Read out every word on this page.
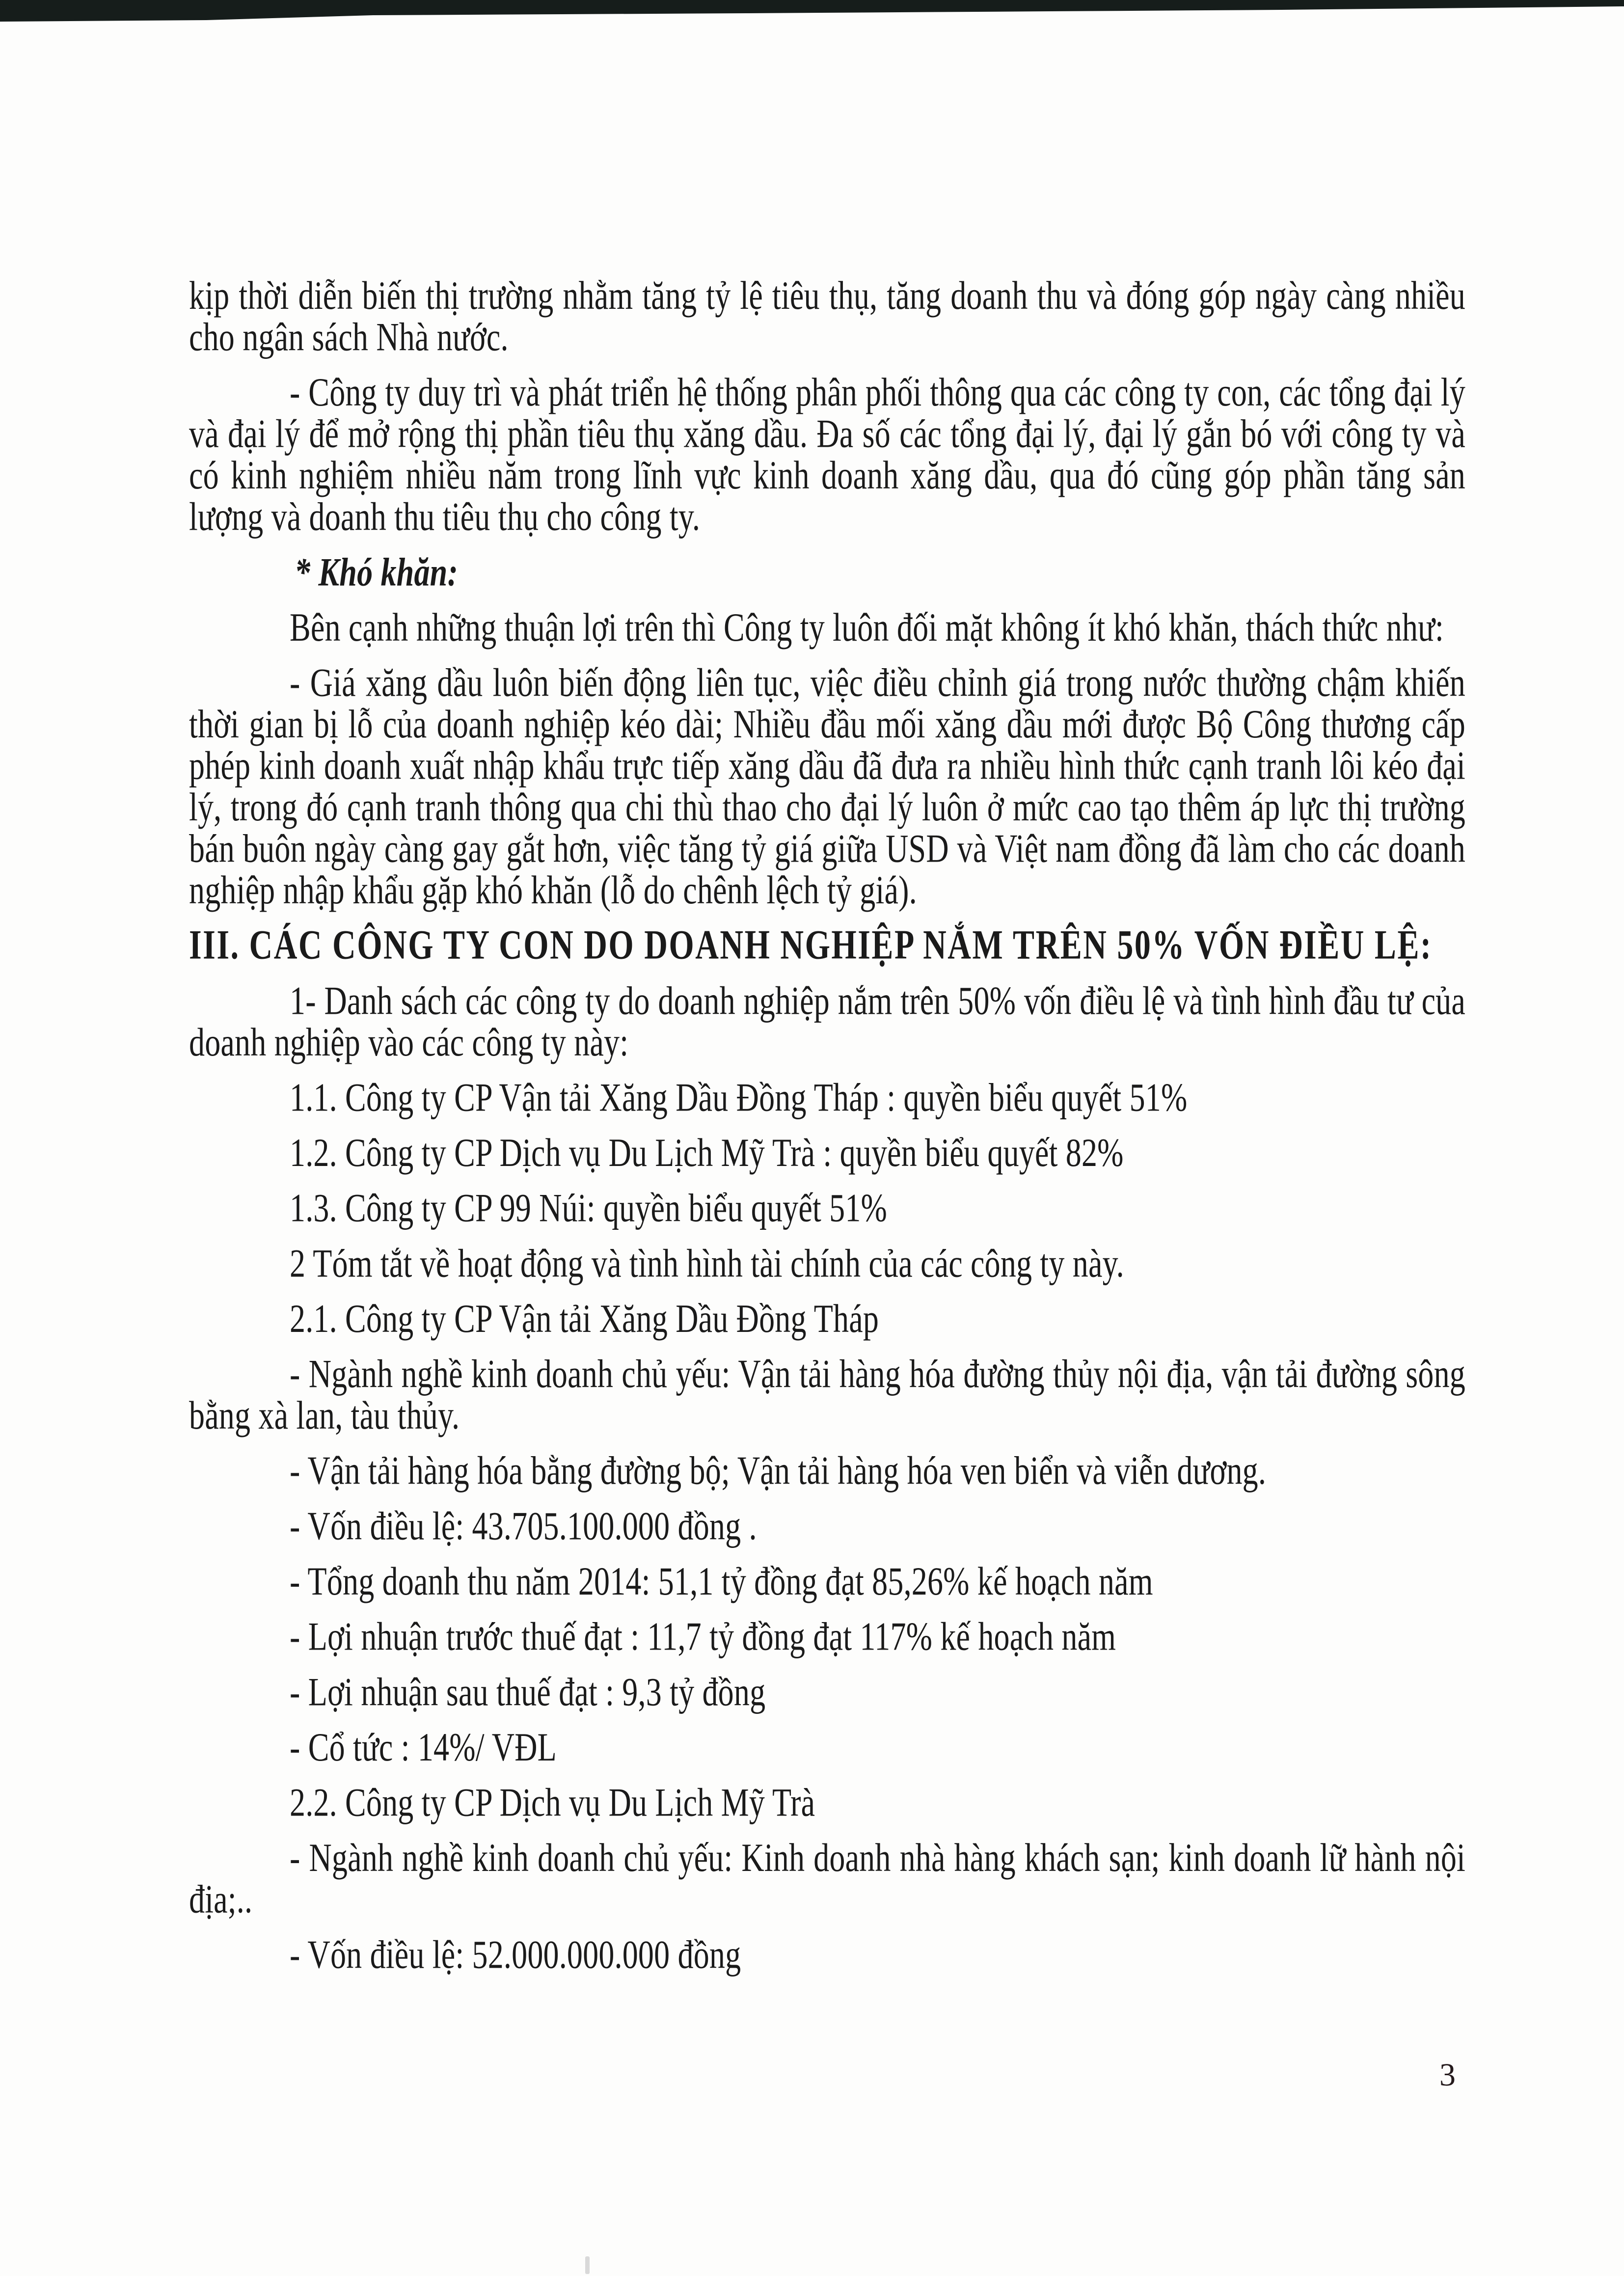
kịp thời diễn biến thị trường nhằm tăng tỷ lệ tiêu thụ, tăng doanh thu và đóng góp ngày càng nhiều cho ngân sách Nhà nước.

- Công ty duy trì và phát triển hệ thống phân phối thông qua các công ty con, các tổng đại lý và đại lý để mở rộng thị phần tiêu thụ xăng dầu. Đa số các tổng đại lý, đại lý gắn bó với công ty và có kinh nghiệm nhiều năm trong lĩnh vực kinh doanh xăng dầu, qua đó cũng góp phần tăng sản lượng và doanh thu tiêu thụ cho công ty.

* Khó khăn:

Bên cạnh những thuận lợi trên thì Công ty luôn đối mặt không ít khó khăn, thách thức như:

- Giá xăng dầu luôn biến động liên tục, việc điều chỉnh giá trong nước thường chậm khiến thời gian bị lỗ của doanh nghiệp kéo dài; Nhiều đầu mối xăng dầu mới được Bộ Công thương cấp phép kinh doanh xuất nhập khẩu trực tiếp xăng dầu đã đưa ra nhiều hình thức cạnh tranh lôi kéo đại lý, trong đó cạnh tranh thông qua chi thù thao cho đại lý luôn ở mức cao tạo thêm áp lực thị trường bán buôn ngày càng gay gắt hơn, việc tăng tỷ giá giữa USD và Việt nam đồng đã làm cho các doanh nghiệp nhập khẩu gặp khó khăn (lỗ do chênh lệch tỷ giá).

III. CÁC CÔNG TY CON DO DOANH NGHIỆP NẮM TRÊN 50% VỐN ĐIỀU LỆ:

1- Danh sách các công ty do doanh nghiệp nắm trên 50% vốn điều lệ và tình hình đầu tư của doanh nghiệp vào các công ty này:

1.1. Công ty CP Vận tải Xăng Dầu Đồng Tháp : quyền biểu quyết 51%

1.2. Công ty CP Dịch vụ Du Lịch Mỹ Trà : quyền biểu quyết 82%

1.3. Công ty CP 99 Núi: quyền biểu quyết 51%

2 Tóm tắt về hoạt động và tình hình tài chính của các công ty này.

2.1. Công ty CP Vận tải Xăng Dầu Đồng Tháp

- Ngành nghề kinh doanh chủ yếu: Vận tải hàng hóa đường thủy nội địa, vận tải đường sông bằng xà lan, tàu thủy.

- Vận tải hàng hóa bằng đường bộ; Vận tải hàng hóa ven biển và viễn dương.

- Vốn điều lệ: 43.705.100.000 đồng .

- Tổng doanh thu năm 2014: 51,1 tỷ đồng đạt 85,26% kế hoạch năm

- Lợi nhuận trước thuế đạt : 11,7 tỷ đồng đạt 117% kế hoạch năm

- Lợi nhuận sau thuế đạt : 9,3 tỷ đồng

- Cổ tức : 14%/ VĐL

2.2. Công ty CP Dịch vụ Du Lịch Mỹ Trà

- Ngành nghề kinh doanh chủ yếu: Kinh doanh nhà hàng khách sạn; kinh doanh lữ hành nội địa;..

- Vốn điều lệ: 52.000.000.000 đồng

3
